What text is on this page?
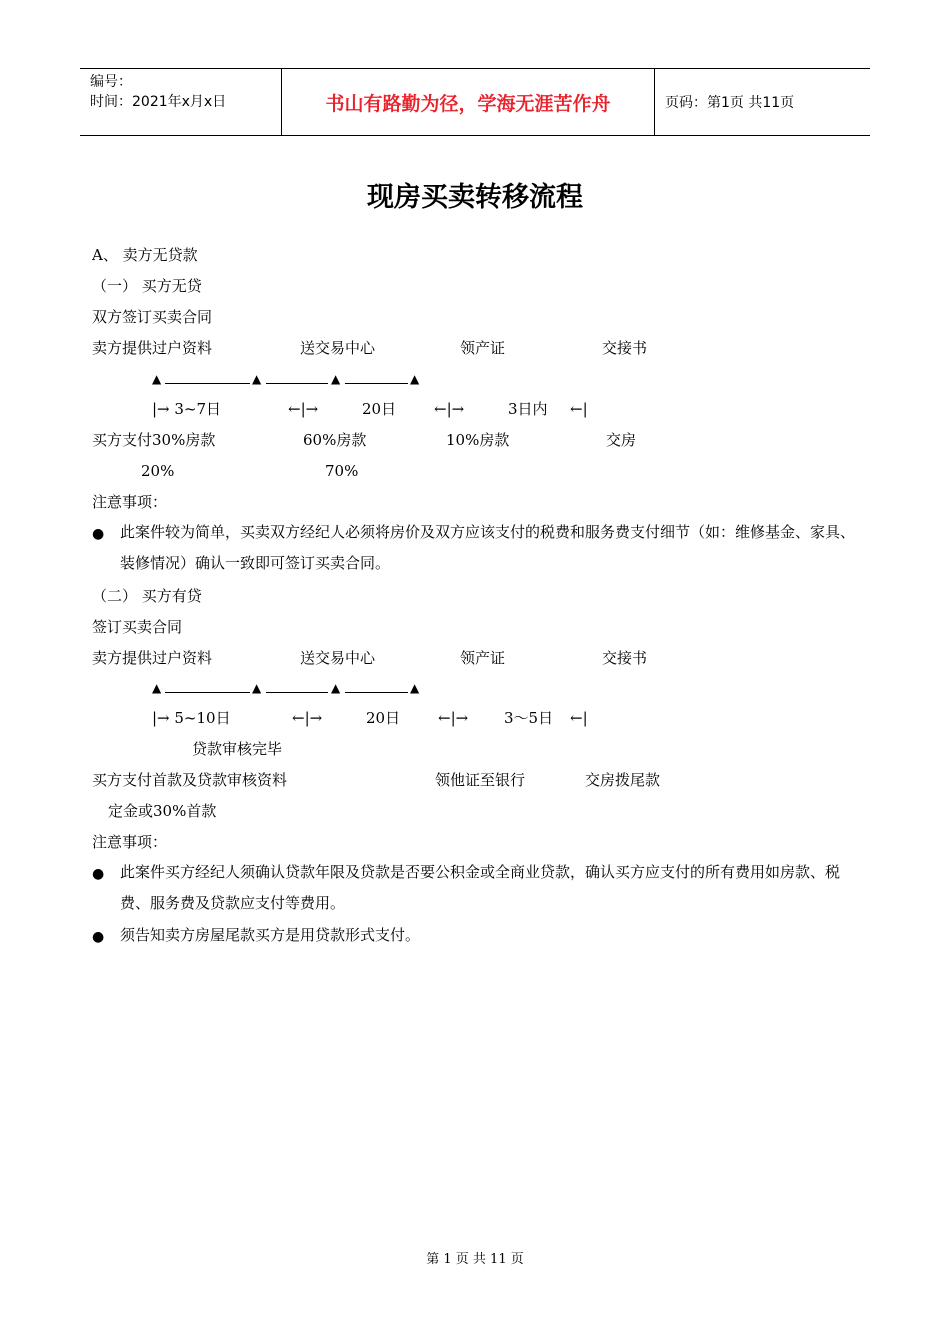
编号：
时间：2021年x月x日	书山有路勤为径，学海无涯苦作舟	页码：第1页 共11页
现房买卖转移流程
A、 卖方无贷款
（一） 买方无贷
双方签订买卖合同
卖方提供过户资料	送交易中心	领产证	交接书
▲	▲	▲	▲
|→ 3~7日	←|→	20日	←|→	3日内 ←|
买方支付30%房款	60%房款	10%房款	交房
20%	70%
注意事项：
● 此案件较为简单，买卖双方经纪人必须将房价及双方应该支付的税费和服务费支付细节（如：维修基金、家具、装修情况）确认一致即可签订买卖合同。
（二） 买方有贷
签订买卖合同
卖方提供过户资料	送交易中心	领产证	交接书
▲	▲	▲	▲
|→ 5~10日	←|→	20日	←|→ 3～5日 ←|
贷款审核完毕
买方支付首款及贷款审核资料	领他证至银行	交房拨尾款
定金或30%首款
注意事项：
● 此案件买方经纪人须确认贷款年限及贷款是否要公积金或全商业贷款，确认买方应支付的所有费用如房款、税费、服务费及贷款应支付等费用。
● 须告知卖方房屋尾款买方是用贷款形式支付。
第 1 页 共 11 页
